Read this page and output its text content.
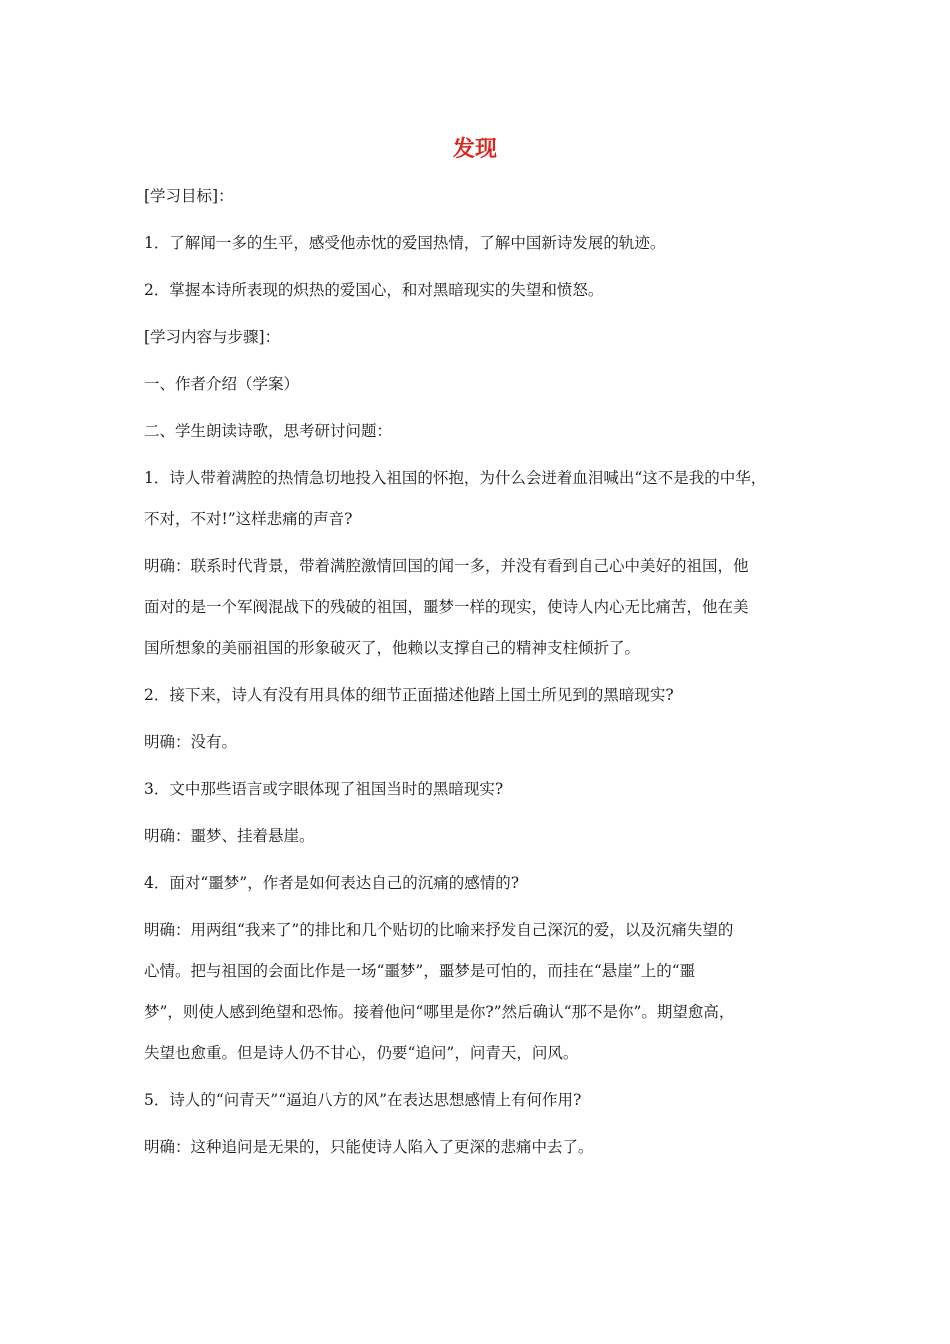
发现

[学习目标]：

1．了解闻一多的生平，感受他赤忱的爱国热情，了解中国新诗发展的轨迹。

2．掌握本诗所表现的炽热的爱国心，和对黑暗现实的失望和愤怒。

[学习内容与步骤]：

一、作者介绍（学案）

二、学生朗读诗歌，思考研讨问题：

1．诗人带着满腔的热情急切地投入祖国的怀抱，为什么会迸着血泪喊出“这不是我的中华，
不对，不对!”这样悲痛的声音?

明确：联系时代背景，带着满腔激情回国的闻一多，并没有看到自己心中美好的祖国，他
面对的是一个军阀混战下的残破的祖国，噩梦一样的现实，使诗人内心无比痛苦，他在美
国所想象的美丽祖国的形象破灭了，他赖以支撑自己的精神支柱倾折了。

2．接下来，诗人有没有用具体的细节正面描述他踏上国土所见到的黑暗现实?

明确：没有。

3．文中那些语言或字眼体现了祖国当时的黑暗现实?

明确：噩梦、挂着悬崖。

4．面对“噩梦”，作者是如何表达自己的沉痛的感情的?

明确：用两组“我来了”的排比和几个贴切的比喻来抒发自己深沉的爱，以及沉痛失望的
心情。把与祖国的会面比作是一场“噩梦”，噩梦是可怕的，而挂在“悬崖”上的“噩
梦”，则使人感到绝望和恐怖。接着他问“哪里是你?”然后确认“那不是你”。期望愈高，
失望也愈重。但是诗人仍不甘心，仍要“追问”，问青天，问风。

5．诗人的“问青天”“逼迫八方的风”在表达思想感情上有何作用?

明确：这种追问是无果的，只能使诗人陷入了更深的悲痛中去了。
